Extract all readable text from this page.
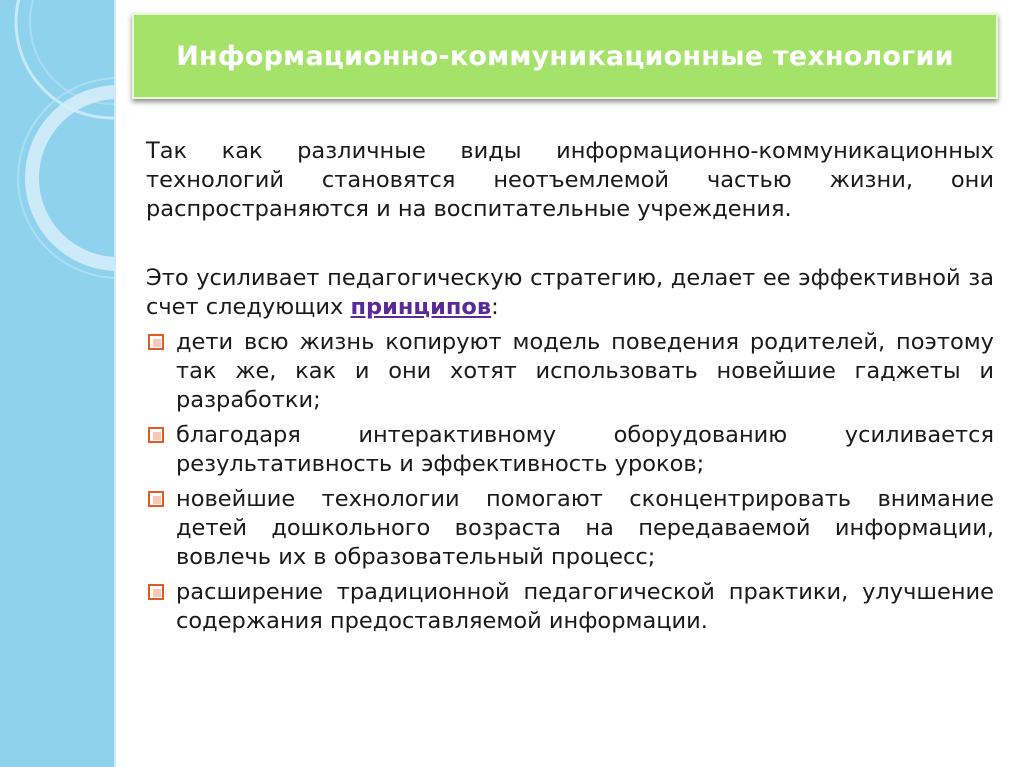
Информационно-коммуникационные технологии

Так как различные виды информационно-коммуникационных технологий становятся неотъемлемой частью жизни, они распространяются и на воспитательные учреждения.

Это усиливает педагогическую стратегию, делает ее эффективной за счет следующих принципов:

дети всю жизнь копируют модель поведения родителей, поэтому так же, как и они хотят использовать новейшие гаджеты и разработки;
благодаря интерактивному оборудованию усиливается результативность и эффективность уроков;
новейшие технологии помогают сконцентрировать внимание детей дошкольного возраста на передаваемой информации, вовлечь их в образовательный процесс;
расширение традиционной педагогической практики, улучшение содержания предоставляемой информации.
